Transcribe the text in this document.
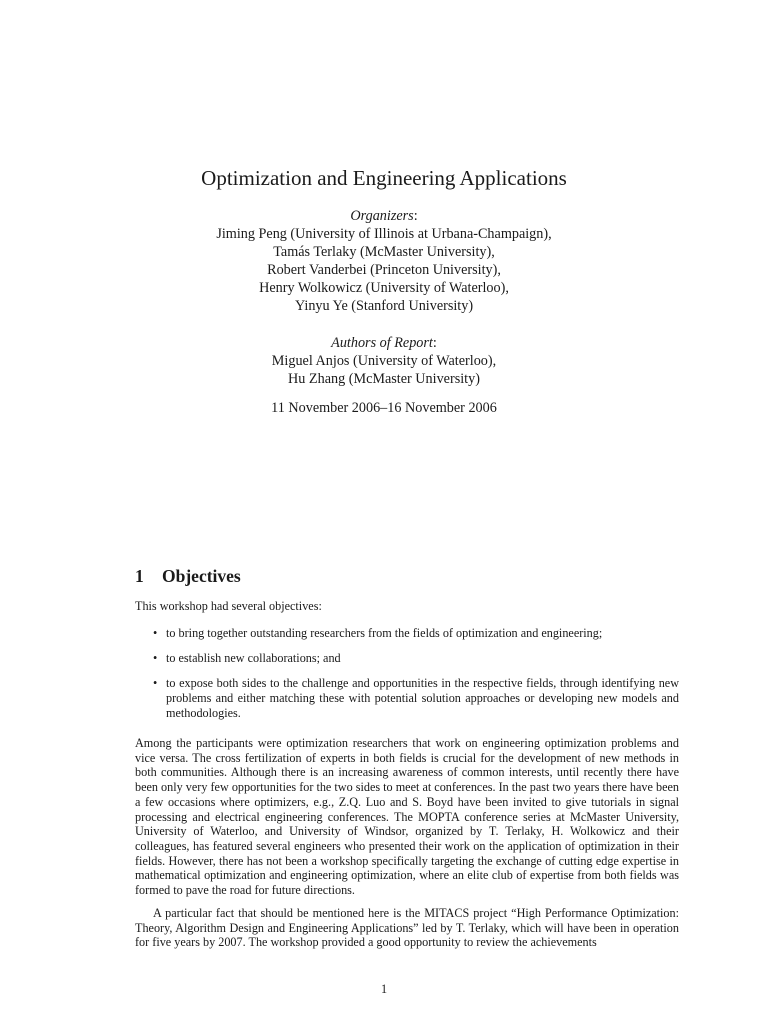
Optimization and Engineering Applications
Organizers:
Jiming Peng (University of Illinois at Urbana-Champaign),
Tamás Terlaky (McMaster University),
Robert Vanderbei (Princeton University),
Henry Wolkowicz (University of Waterloo),
Yinyu Ye (Stanford University)
Authors of Report:
Miguel Anjos (University of Waterloo),
Hu Zhang (McMaster University)
11 November 2006–16 November 2006
1 Objectives
This workshop had several objectives:
• to bring together outstanding researchers from the fields of optimization and engineering;
• to establish new collaborations; and
• to expose both sides to the challenge and opportunities in the respective fields, through identifying new problems and either matching these with potential solution approaches or developing new models and methodologies.
Among the participants were optimization researchers that work on engineering optimization problems and vice versa. The cross fertilization of experts in both fields is crucial for the development of new methods in both communities. Although there is an increasing awareness of common interests, until recently there have been only very few opportunities for the two sides to meet at conferences. In the past two years there have been a few occasions where optimizers, e.g., Z.Q. Luo and S. Boyd have been invited to give tutorials in signal processing and electrical engineering conferences. The MOPTA conference series at McMaster University, University of Waterloo, and University of Windsor, organized by T. Terlaky, H. Wolkowicz and their colleagues, has featured several engineers who presented their work on the application of optimization in their fields. However, there has not been a workshop specifically targeting the exchange of cutting edge expertise in mathematical optimization and engineering optimization, where an elite club of expertise from both fields was formed to pave the road for future directions.
A particular fact that should be mentioned here is the MITACS project “High Performance Optimization: Theory, Algorithm Design and Engineering Applications” led by T. Terlaky, which will have been in operation for five years by 2007. The workshop provided a good opportunity to review the achievements
1
